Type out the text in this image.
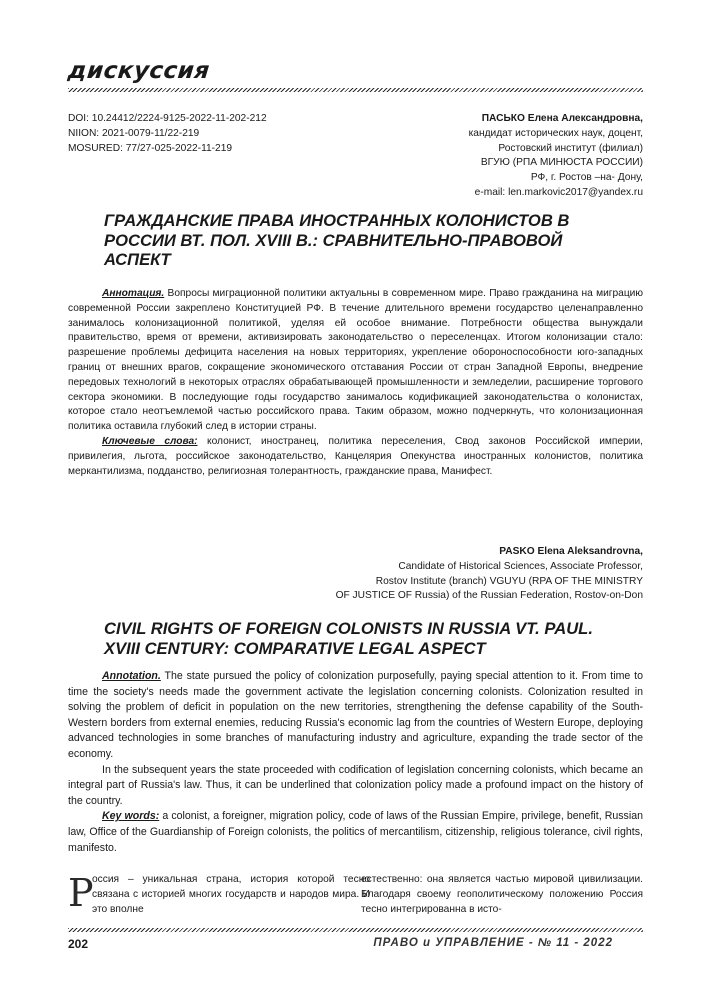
дискуссия
DOI: 10.24412/2224-9125-2022-11-202-212
NIION: 2021-0079-11/22-219
MOSURED: 77/27-025-2022-11-219
ПАСЬКО Елена Александровна,
кандидат исторических наук, доцент,
Ростовский институт (филиал)
ВГУЮ (РПА МИНЮСТА РОССИИ)
РФ, г. Ростов –на- Дону,
e-mail: len.markovic2017@yandex.ru
ГРАЖДАНСКИЕ ПРАВА ИНОСТРАННЫХ КОЛОНИСТОВ В РОССИИ ВТ. ПОЛ. XVIII В.: СРАВНИТЕЛЬНО-ПРАВОВОЙ АСПЕКТ

Аннотация. Вопросы миграционной политики актуальны в современном мире. Право гражданина на миграцию современной России закреплено Конституцией РФ. В течение длительного времени государство целенаправленно занималось колонизационной политикой, уделяя ей особое внимание. Потребности общества вынуждали правительство, время от времени, активизировать законодательство о переселенцах. Итогом колонизации стало: разрешение проблемы дефицита населения на новых территориях, укрепление обороноспособности юго-западных границ от внешних врагов, сокращение экономического отставания России от стран Западной Европы, внедрение передовых технологий в некоторых отраслях обрабатывающей промышленности и земледелии, расширение торгового сектора экономики. В последующие годы государство занималось кодификацией законодательства о колонистах, которое стало неотъемлемой частью российского права. Таким образом, можно подчеркнуть, что колонизационная политика оставила глубокий след в истории страны.

Ключевые слова: колонист, иностранец, политика переселения, Свод законов Российской империи, привилегия, льгота, российское законодательство, Канцелярия Опекунства иностранных колонистов, политика меркантилизма, подданство, религиозная толерантность, гражданские права, Манифест.

PASKO Elena Aleksandrovna,
Candidate of Historical Sciences, Associate Professor,
Rostov Institute (branch) VGUYU (RPA OF THE MINISTRY
OF JUSTICE OF Russia) of the Russian Federation, Rostov-on-Don
CIVIL RIGHTS OF FOREIGN COLONISTS IN RUSSIA VT. PAUL. XVIII CENTURY: COMPARATIVE LEGAL ASPECT

Annotation. The state pursued the policy of colonization purposefully, paying special attention to it. From time to time the society's needs made the government activate the legislation concerning colonists. Colonization resulted in solving the problem of deficit in population on the new territories, strengthening the defense capability of the South-Western borders from external enemies, reducing Russia's economic lag from the countries of Western Europe, deploying advanced technologies in some branches of manufacturing industry and agriculture, expanding the trade sector of the economy.

In the subsequent years the state proceeded with codification of legislation concerning colonists, which became an integral part of Russia's law. Thus, it can be underlined that colonization policy made a profound impact on the history of the country.

Key words: a colonist, a foreigner, migration policy, code of laws of the Russian Empire, privilege, benefit, Russian law, Office of the Guardianship of Foreign colonists, the politics of mercantilism, citizenship, religious tolerance, civil rights, manifesto.

Р
оссия – уникальная страна, история которой тесно связана с историей многих государств и народов мира. И это вполне
естественно: она является частью мировой цивилизации. Благодаря своему геополитическому положению Россия тесно интегрированна в исто-
202	ПРАВО и УПРАВЛЕНИЕ - № 11 - 2022
